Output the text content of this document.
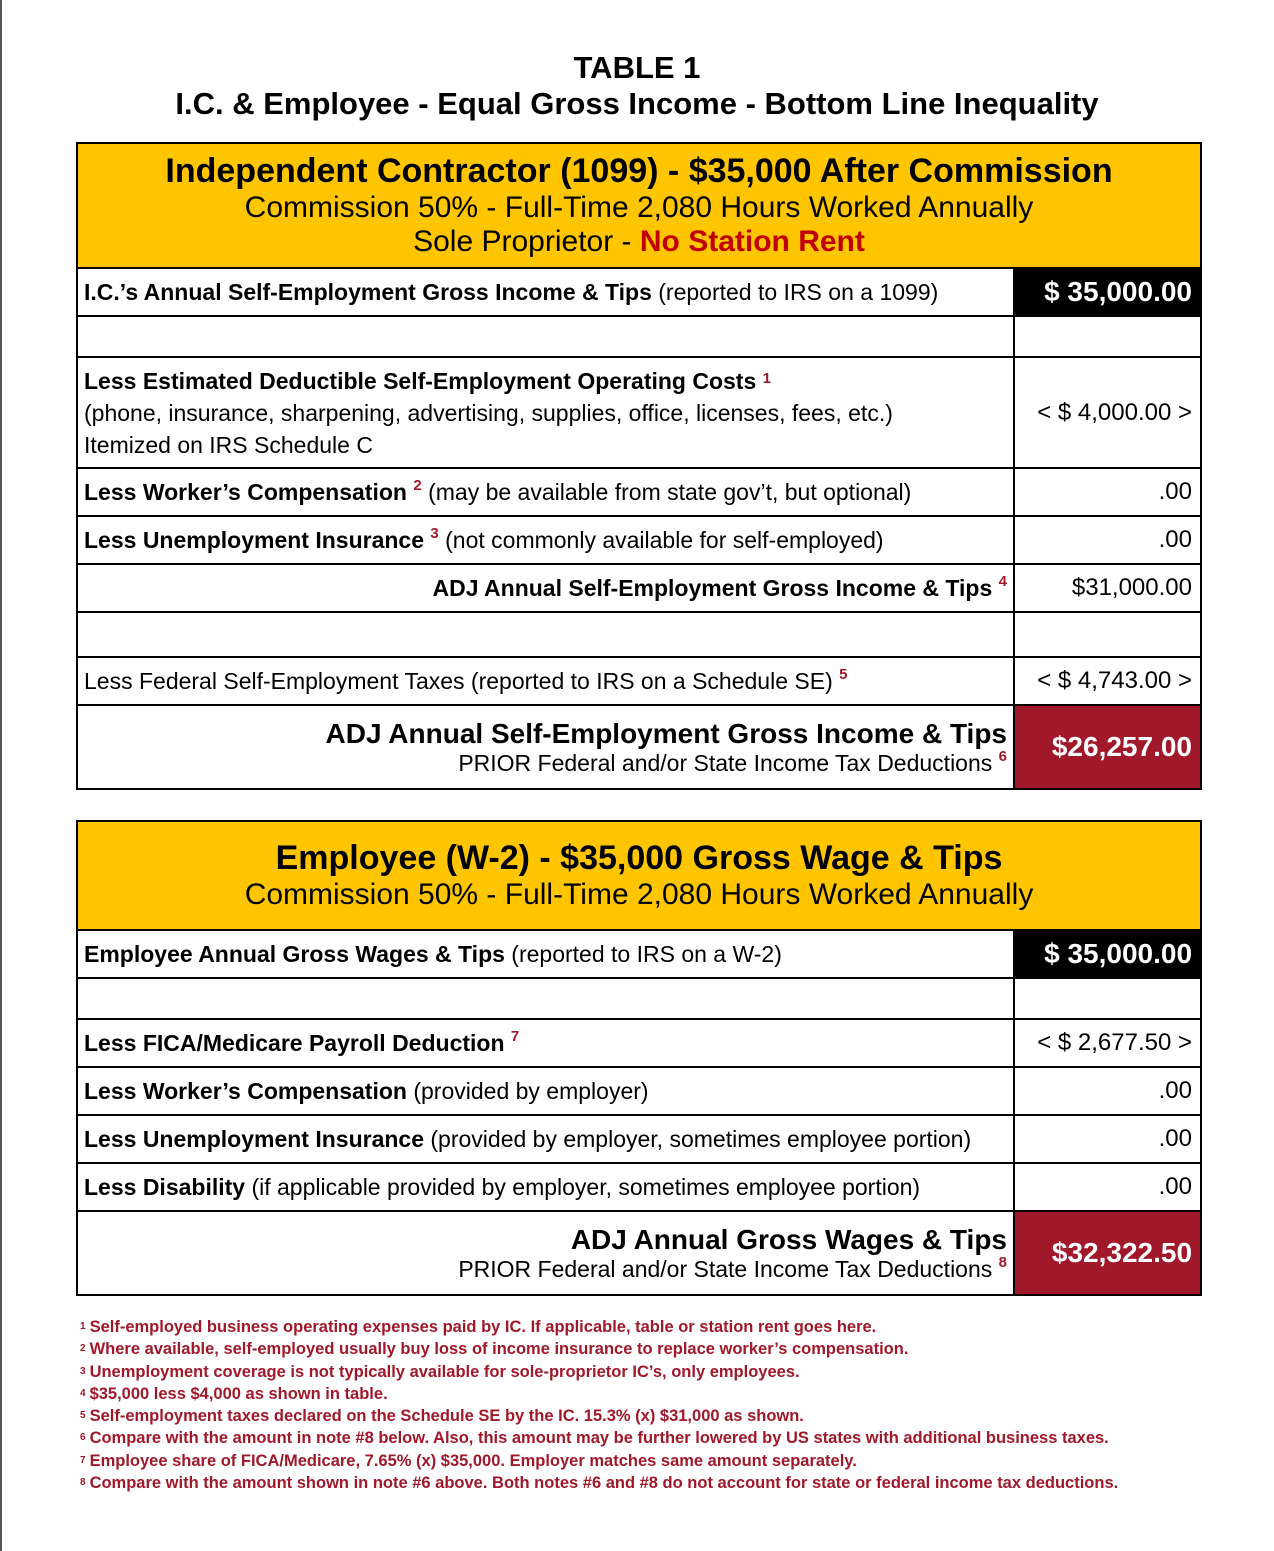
TABLE 1
I.C. & Employee - Equal Gross Income - Bottom Line Inequality
Independent Contractor (1099) - $35,000 After Commission
Commission 50% - Full-Time 2,080 Hours Worked Annually
Sole Proprietor - No Station Rent	

I.C.’s Annual Self-Employment Gross Income & Tips (reported to IRS on a 1099)	$ 35,000.00

Less Estimated Deductible Self-Employment Operating Costs $^1$
(phone, insurance, sharpening, advertising, supplies, office, licenses, fees, etc.)
Itemized on IRS Schedule C	< $ 4,000.00 >
Less Worker’s Compensation $^2$ (may be available from state gov’t, but optional)	.00
Less Unemployment Insurance $^3$ (not commonly available for self-employed)	.00
ADJ Annual Self-Employment Gross Income & Tips $^4$	$31,000.00

Less Federal Self-Employment Taxes (reported to IRS on a Schedule SE) $^5$	< $ 4,743.00 >

ADJ Annual Self-Employment Gross Income & Tips
PRIOR Federal and/or State Income Tax Deductions $^6$	$26,257.00
Employee (W-2) - $35,000 Gross Wage & Tips
Commission 50% - Full-Time 2,080 Hours Worked Annually	

Employee Annual Gross Wages & Tips (reported to IRS on a W-2)	$ 35,000.00

Less FICA/Medicare Payroll Deduction $^7$	< $ 2,677.50 >
Less Worker’s Compensation (provided by employer)	.00
Less Unemployment Insurance (provided by employer, sometimes employee portion)	.00
Less Disability (if applicable provided by employer, sometimes employee portion)	.00

ADJ Annual Gross Wages & Tips
PRIOR Federal and/or State Income Tax Deductions $^8$	$32,322.50
$^1$ Self-employed business operating expenses paid by IC. If applicable, table or station rent goes here.
$^2$ Where available, self-employed usually buy loss of income insurance to replace worker’s compensation.
$^3$ Unemployment coverage is not typically available for sole-proprietor IC’s, only employees.
$^4$ $35,000 less $4,000 as shown in table.
$^5$ Self-employment taxes declared on the Schedule SE by the IC. 15.3% (x) $31,000 as shown.
$^6$ Compare with the amount in note #8 below. Also, this amount may be further lowered by US states with additional business taxes.
$^7$ Employee share of FICA/Medicare, 7.65% (x) $35,000. Employer matches same amount separately.
$^8$ Compare with the amount shown in note #6 above. Both notes #6 and #8 do not account for state or federal income tax deductions.
